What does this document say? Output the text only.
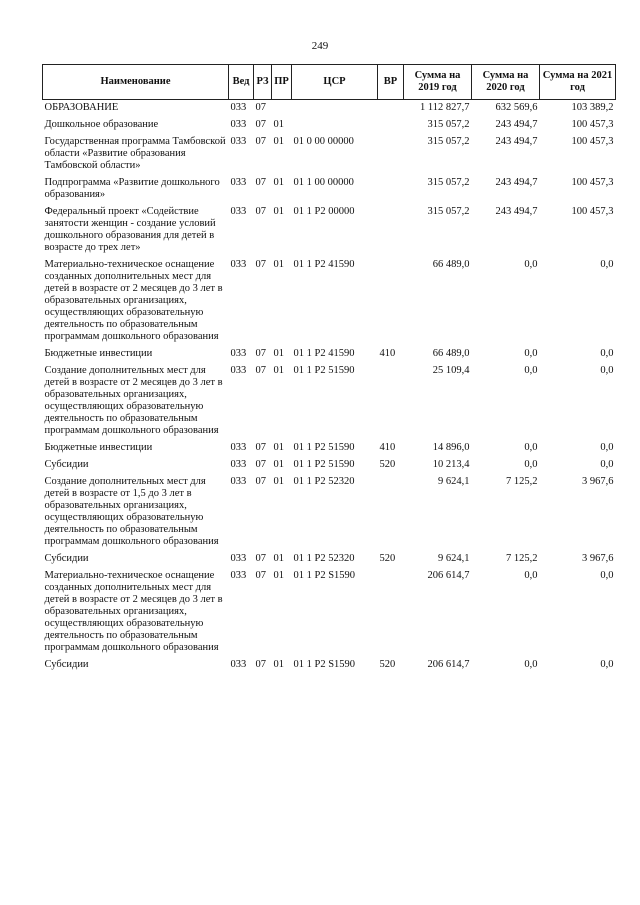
249
Наименование	Вед	РЗ	ПР	ЦСР	ВР	Сумма на 2019 год	Сумма на 2020 год	Сумма на 2021 год
ОБРАЗОВАНИЕ	033	07				1 112 827,7	632 569,6	103 389,2
Дошкольное образование	033	07	01			315 057,2	243 494,7	100 457,3
Государственная программа Тамбовской области «Развитие образования Тамбовской области»	033	07	01	01 0 00 00000		315 057,2	243 494,7	100 457,3
Подпрограмма «Развитие дошкольного образования»	033	07	01	01 1 00 00000		315 057,2	243 494,7	100 457,3
Федеральный проект «Содействие занятости женщин - создание условий дошкольного образования для детей в возрасте до трех лет»	033	07	01	01 1 P2 00000		315 057,2	243 494,7	100 457,3
Материально-техническое оснащение созданных дополнительных мест для детей в возрасте от 2 месяцев до 3 лет в образовательных организациях, осуществляющих образовательную деятельность по образовательным программам дошкольного образования	033	07	01	01 1 P2 41590		66 489,0	0,0	0,0
Бюджетные инвестиции	033	07	01	01 1 P2 41590	410	66 489,0	0,0	0,0
Создание дополнительных мест для детей в возрасте от 2 месяцев до 3 лет в образовательных организациях, осуществляющих образовательную деятельность по образовательным программам дошкольного образования	033	07	01	01 1 P2 51590		25 109,4	0,0	0,0
Бюджетные инвестиции	033	07	01	01 1 P2 51590	410	14 896,0	0,0	0,0
Субсидии	033	07	01	01 1 P2 51590	520	10 213,4	0,0	0,0
Создание дополнительных мест для детей в возрасте от 1,5 до 3 лет в образовательных организациях, осуществляющих образовательную деятельность по образовательным программам дошкольного образования	033	07	01	01 1 P2 52320		9 624,1	7 125,2	3 967,6
Субсидии	033	07	01	01 1 P2 52320	520	9 624,1	7 125,2	3 967,6
Материально-техническое оснащение созданных дополнительных мест для детей в возрасте от 2 месяцев до 3 лет в образовательных организациях, осуществляющих образовательную деятельность по образовательным программам дошкольного образования	033	07	01	01 1 P2 S1590		206 614,7	0,0	0,0
Субсидии	033	07	01	01 1 P2 S1590	520	206 614,7	0,0	0,0
